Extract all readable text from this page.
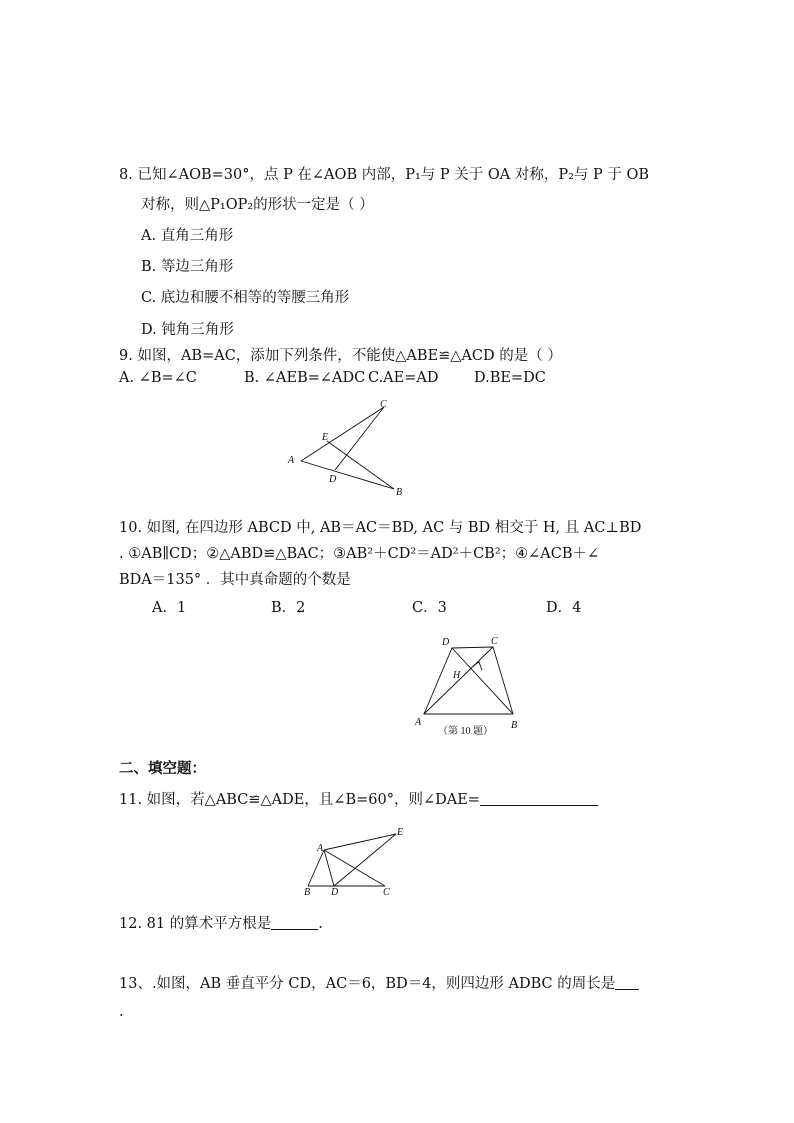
8. 已知∠AOB=30°，点 P 在∠AOB 内部，P₁与 P 关于 OA 对称，P₂与 P 于 OB
对称，则△P₁OP₂的形状一定是（ ）
A. 直角三角形
B. 等边三角形
C. 底边和腰不相等的等腰三角形
D. 钝角三角形
9. 如图，AB=AC，添加下列条件，不能使△ABE≌△ACD 的是（ ）
A. ∠B=∠C	B. ∠AEB=∠ADC C.AE=AD D.BE=DC
A
B
C
D
E
10. 如图, 在四边形 ABCD 中, AB＝AC＝BD, AC 与 BD 相交于 H, 且 AC⊥BD
. ①AB∥CD；②△ABD≌△BAC；③AB²＋CD²＝AD²＋CB²；④∠ACB＋∠
BDA＝135° ．其中真命题的个数是
A．1	B．2	C．3	D．4
A	B
C
D
H
（第 10 题）
二、填空题：
11. 如图，若△ABC≌△ADE，且∠B=60°，则∠DAE=
A
B	C
D
E
12. 81 的算术平方根是	.
13、.如图，AB 垂直平分 CD，AC＝6，BD＝4，则四边形 ADBC 的周长是
.
